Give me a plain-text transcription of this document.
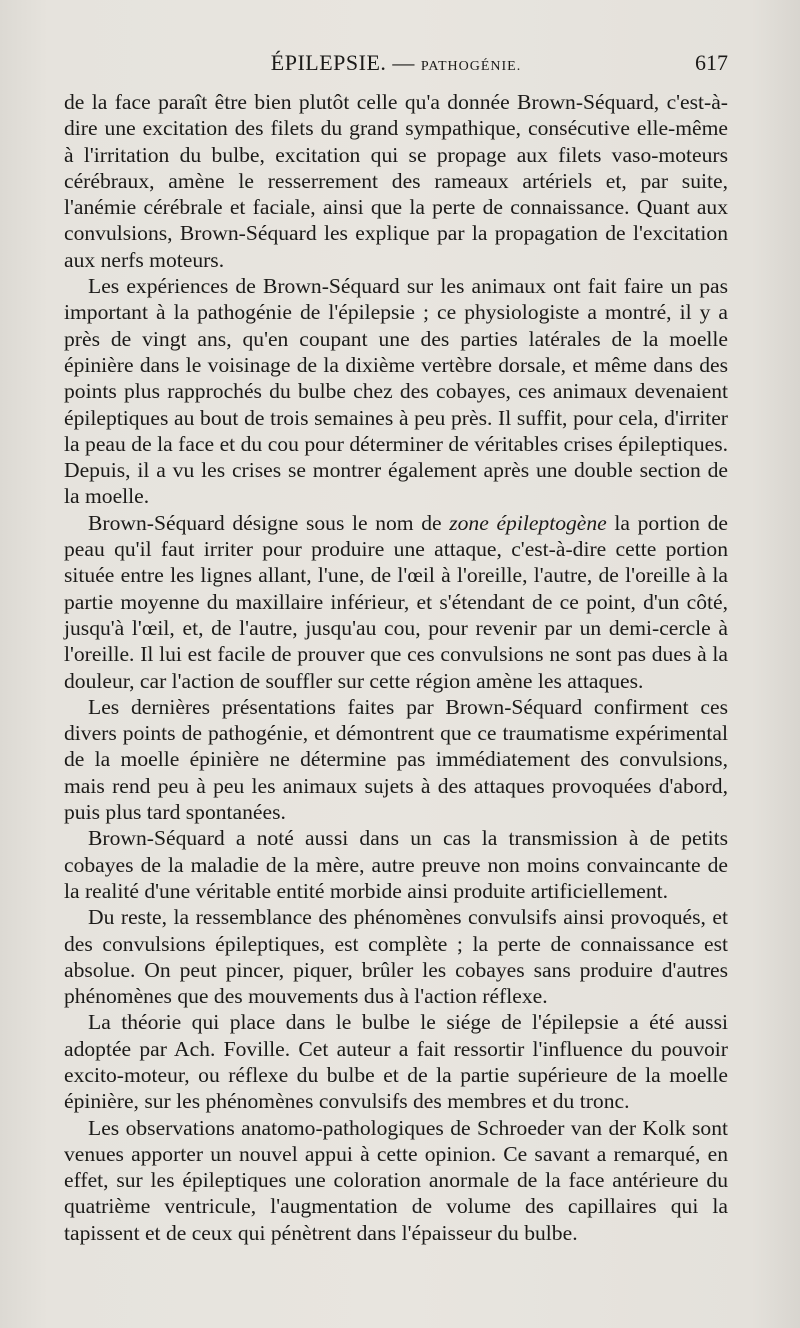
ÉPILEPSIE. — PATHOGÉNIE.	617

de la face paraît être bien plutôt celle qu'a donnée Brown-Séquard, c'est-à-dire une excitation des filets du grand sympathique, consécutive elle-même à l'irritation du bulbe, excitation qui se propage aux filets vaso-moteurs cérébraux, amène le resserrement des rameaux artériels et, par suite, l'anémie cérébrale et faciale, ainsi que la perte de connaissance. Quant aux convulsions, Brown-Séquard les explique par la propagation de l'excitation aux nerfs moteurs.

Les expériences de Brown-Séquard sur les animaux ont fait faire un pas important à la pathogénie de l'épilepsie ; ce physiologiste a montré, il y a près de vingt ans, qu'en coupant une des parties latérales de la moelle épinière dans le voisinage de la dixième vertèbre dorsale, et même dans des points plus rapprochés du bulbe chez des cobayes, ces animaux devenaient épileptiques au bout de trois semaines à peu près. Il suffit, pour cela, d'irriter la peau de la face et du cou pour déterminer de véritables crises épileptiques. Depuis, il a vu les crises se montrer également après une double section de la moelle.

Brown-Séquard désigne sous le nom de zone épileptogène la portion de peau qu'il faut irriter pour produire une attaque, c'est-à-dire cette portion située entre les lignes allant, l'une, de l'œil à l'oreille, l'autre, de l'oreille à la partie moyenne du maxillaire inférieur, et s'étendant de ce point, d'un côté, jusqu'à l'œil, et, de l'autre, jusqu'au cou, pour revenir par un demi-cercle à l'oreille. Il lui est facile de prouver que ces convulsions ne sont pas dues à la douleur, car l'action de souffler sur cette région amène les attaques.

Les dernières présentations faites par Brown-Séquard confirment ces divers points de pathogénie, et démontrent que ce traumatisme expérimental de la moelle épinière ne détermine pas immédiatement des convulsions, mais rend peu à peu les animaux sujets à des attaques provoquées d'abord, puis plus tard spontanées.

Brown-Séquard a noté aussi dans un cas la transmission à de petits cobayes de la maladie de la mère, autre preuve non moins convaincante de la realité d'une véritable entité morbide ainsi produite artificiellement.

Du reste, la ressemblance des phénomènes convulsifs ainsi provoqués, et des convulsions épileptiques, est complète ; la perte de connaissance est absolue. On peut pincer, piquer, brûler les cobayes sans produire d'autres phénomènes que des mouvements dus à l'action réflexe.

La théorie qui place dans le bulbe le siége de l'épilepsie a été aussi adoptée par Ach. Foville. Cet auteur a fait ressortir l'influence du pouvoir excito-moteur, ou réflexe du bulbe et de la partie supérieure de la moelle épinière, sur les phénomènes convulsifs des membres et du tronc.

Les observations anatomo-pathologiques de Schroeder van der Kolk sont venues apporter un nouvel appui à cette opinion. Ce savant a remarqué, en effet, sur les épileptiques une coloration anormale de la face antérieure du quatrième ventricule, l'augmentation de volume des capillaires qui la tapissent et de ceux qui pénètrent dans l'épaisseur du bulbe.
